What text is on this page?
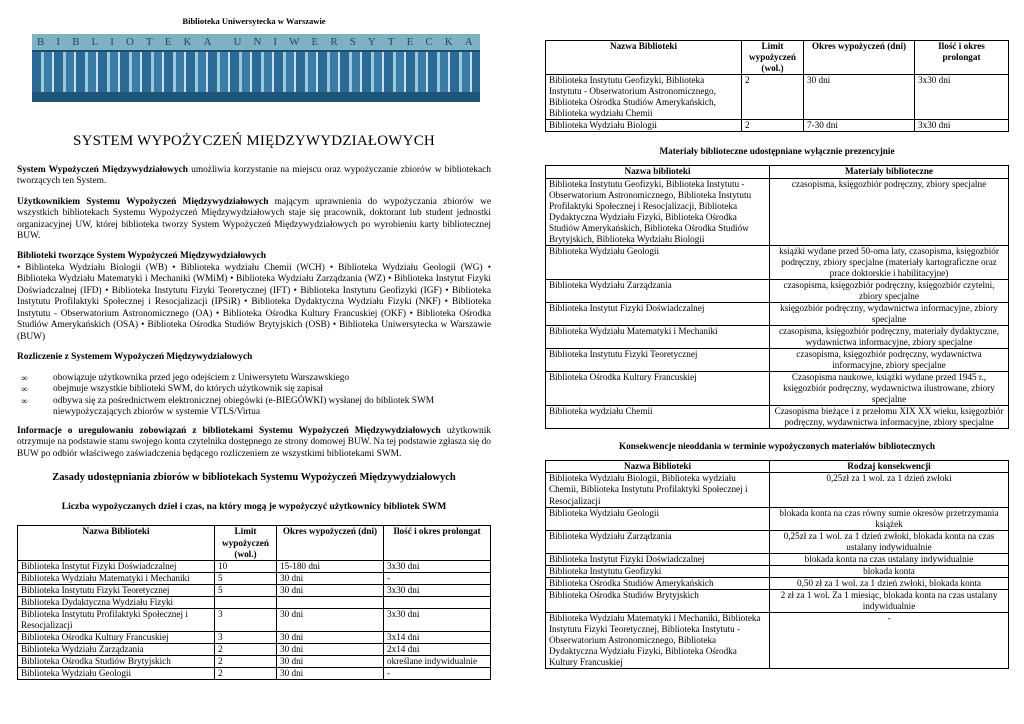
Biblioteka Uniwersytecka w Warszawie
B I B L I O T E K A U N I W E R S Y T E C K A
SYSTEM WYPOŻYCZEŃ MIĘDZYWYDZIAŁOWYCH

System Wypożyczeń Międzywydziałowych umożliwia korzystanie na miejscu oraz wypożyczanie zbiorów w bibliotekach tworzących ten System.

Użytkownikiem Systemu Wypożyczeń Międzywydziałowych mającym uprawnienia do wypożyczania zbiorów we wszystkich bibliotekach Systemu Wypożyczeń Międzywydziałowych staje się pracownik, doktorant lub student jednostki organizacyjnej UW, której biblioteka tworzy System Wypożyczeń Międzywydziałowych po wyrobieniu karty bibliotecznej BUW.

Biblioteki tworzące System Wypożyczeń Międzywydziałowych

• Biblioteka Wydziału Biologii (WB) • Biblioteka wydziału Chemii (WCH) • Biblioteka Wydziału Geologii (WG) • Biblioteka Wydziału Matematyki i Mechaniki (WMiM) • Biblioteka Wydziału Zarządzania (WZ) • Biblioteka Instytut Fizyki Doświadczalnej (IFD) • Biblioteka Instytutu Fizyki Teoretycznej (IFT) • Biblioteka Instytutu Geofizyki (IGF) • Biblioteka Instytutu Profilaktyki Społecznej i Resocjalizacji (IPSiR) • Biblioteka Dydaktyczna Wydziału Fizyki (NKF) • Biblioteka Instytutu - Obserwatorium Astronomicznego (OA) • Biblioteka Ośrodka Kultury Francuskiej (OKF) • Biblioteka Ośrodka Studiów Amerykańskich (OSA) • Biblioteka Ośrodka Studiów Brytyjskich (OSB) • Biblioteka Uniwersytecka w Warszawie (BUW)

Rozliczenie z Systemem Wypożyczeń Międzywydziałowych
∞ obowiązuje użytkownika przed jego odejściem z Uniwersytetu Warszawskiego
∞ obejmuje wszystkie biblioteki SWM, do których użytkownik się zapisał
∞ odbywa się za pośrednictwem elektronicznej obiegówki (e-BIEGÓWKI) wysłanej do bibliotek SWM niewypożyczających zbiorów w systemie VTLS/Virtua

Informacje o uregulowaniu zobowiązań z bibliotekami Systemu Wypożyczeń Międzywydziałowych użytkownik otrzymuje na podstawie stanu swojego konta czytelnika dostępnego ze strony domowej BUW. Na tej podstawie zgłasza się do BUW po odbiór właściwego zaświadczenia będącego rozliczeniem ze wszystkimi bibliotekami SWM.

Zasady udostępniania zbiorów w bibliotekach Systemu Wypożyczeń Międzywydziałowych
Liczba wypożyczanych dzieł i czas, na który mogą je wypożyczyć użytkownicy bibliotek SWM
Nazwa Biblioteki	Limit wypożyczeń (wol.)	Okres wypożyczeń (dni)	Ilość i okres prolongat
Biblioteka Instytut Fizyki Doświadczalnej	10	15-180 dni	3x30 dni
Biblioteka Wydziału Matematyki i Mechaniki	5	30 dni	-
Biblioteka Instytutu Fizyki Teoretycznej	5	30 dni	3x30 dni
Biblioteka Dydaktyczna Wydziału Fizyki			
Biblioteka Instytutu Profilaktyki Społecznej i Resocjalizacji	3	30 dni	3x30 dni
Biblioteka Ośrodka Kultury Francuskiej	3	30 dni	3x14 dni
Biblioteka Wydziału Zarządzania	2	30 dni	2x14 dni
Biblioteka Ośrodka Studiów Brytyjskich	2	30 dni	określane indywidualnie
Biblioteka Wydziału Geologii	2	30 dni	-
Nazwa Biblioteki	Limit wypożyczeń (wol.)	Okres wypożyczeń (dni)	Ilość i okres prolongat
Biblioteka Instytutu Geofizyki, Biblioteka Instytutu - Obserwatorium Astronomicznego, Biblioteka Ośrodka Studiów Amerykańskich, Biblioteka wydziału Chemii	2	30 dni	3x30 dni
Biblioteka Wydziału Biologii	2	7-30 dni	3x30 dni
Materiały biblioteczne udostępniane wyłącznie prezencyjnie
Nazwa biblioteki	Materiały biblioteczne
Biblioteka Instytutu Geofizyki, Biblioteka Instytutu - Obserwatorium Astronomicznego, Biblioteka Instytutu Profilaktyki Społecznej i Resocjalizacji, Biblioteka Dydaktyczna Wydziału Fizyki, Biblioteka Ośrodka Studiów Amerykańskich, Biblioteka Ośrodka Studiów Brytyjskich, Biblioteka Wydziału Biologii	czasopisma, księgozbiór podręczny, zbiory specjalne
Biblioteka Wydziału Geologii	książki wydane przed 50-oma laty, czasopisma, księgozbiór podręczny, zbiory specjalne (materiały kartograficzne oraz prace doktorskie i habilitacyjne)
Biblioteka Wydziału Zarządzania	czasopisma, księgozbiór podręczny, księgozbiór czytelni, zbiory specjalne
Biblioteka Instytut Fizyki Doświadczalnej	księgozbiór podręczny, wydawnictwa informacyjne, zbiory specjalne
Biblioteka Wydziału Matematyki i Mechaniki	czasopisma, księgozbiór podręczny, materiały dydaktyczne, wydawnictwa informacyjne, zbiory specjalne
Biblioteka Instytutu Fizyki Teoretycznej	czasopisma, księgozbiór podręczny, wydawnictwa informacyjne, zbiory specjalne
Biblioteka Ośrodka Kultury Francuskiej	Czasopisma naukowe, książki wydane przed 1945 r., księgozbiór podręczny, wydawnictwa ilustrowane, zbiory specjalne
Biblioteka wydziału Chemii	Czasopisma bieżące i z przełomu XIX XX wieku, księgozbiór podręczny, wydawnictwa informacyjne, zbiory specjalne
Konsekwencje nieoddania w terminie wypożyczonych materiałów bibliotecznych
Nazwa Biblioteki	Rodzaj konsekwencji
Biblioteka Wydziału Biologii, Biblioteka wydziału Chemii, Biblioteka Instytutu Profilaktyki Społecznej i Resocjalizacji	0,25zł za 1 wol. za 1 dzień zwłoki
Biblioteka Wydziału Geologii	blokada konta na czas równy sumie okresów przetrzymania książek
Biblioteka Wydziału Zarządzania	0,25zł za 1 wol. za 1 dzień zwłoki, blokada konta na czas ustalany indywidualnie
Biblioteka Instytut Fizyki Doświadczalnej	blokada konta na czas ustalany indywidualnie
Biblioteka Instytutu Geofizyki	blokada konta
Biblioteka Ośrodka Studiów Amerykańskich	0,50 zł za 1 wol. za 1 dzień zwłoki, blokada konta
Biblioteka Ośrodka Studiów Brytyjskich	2 zł za 1 wol. Za 1 miesiąc, blokada konta na czas ustalany indywidualnie
Biblioteka Wydziału Matematyki i Mechaniki, Biblioteka Instytutu Fizyki Teoretycznej, Biblioteka Instytutu - Obserwatorium Astronomicznego, Biblioteka Dydaktyczna Wydziału Fizyki, Biblioteka Ośrodka Kultury Francuskiej	-
